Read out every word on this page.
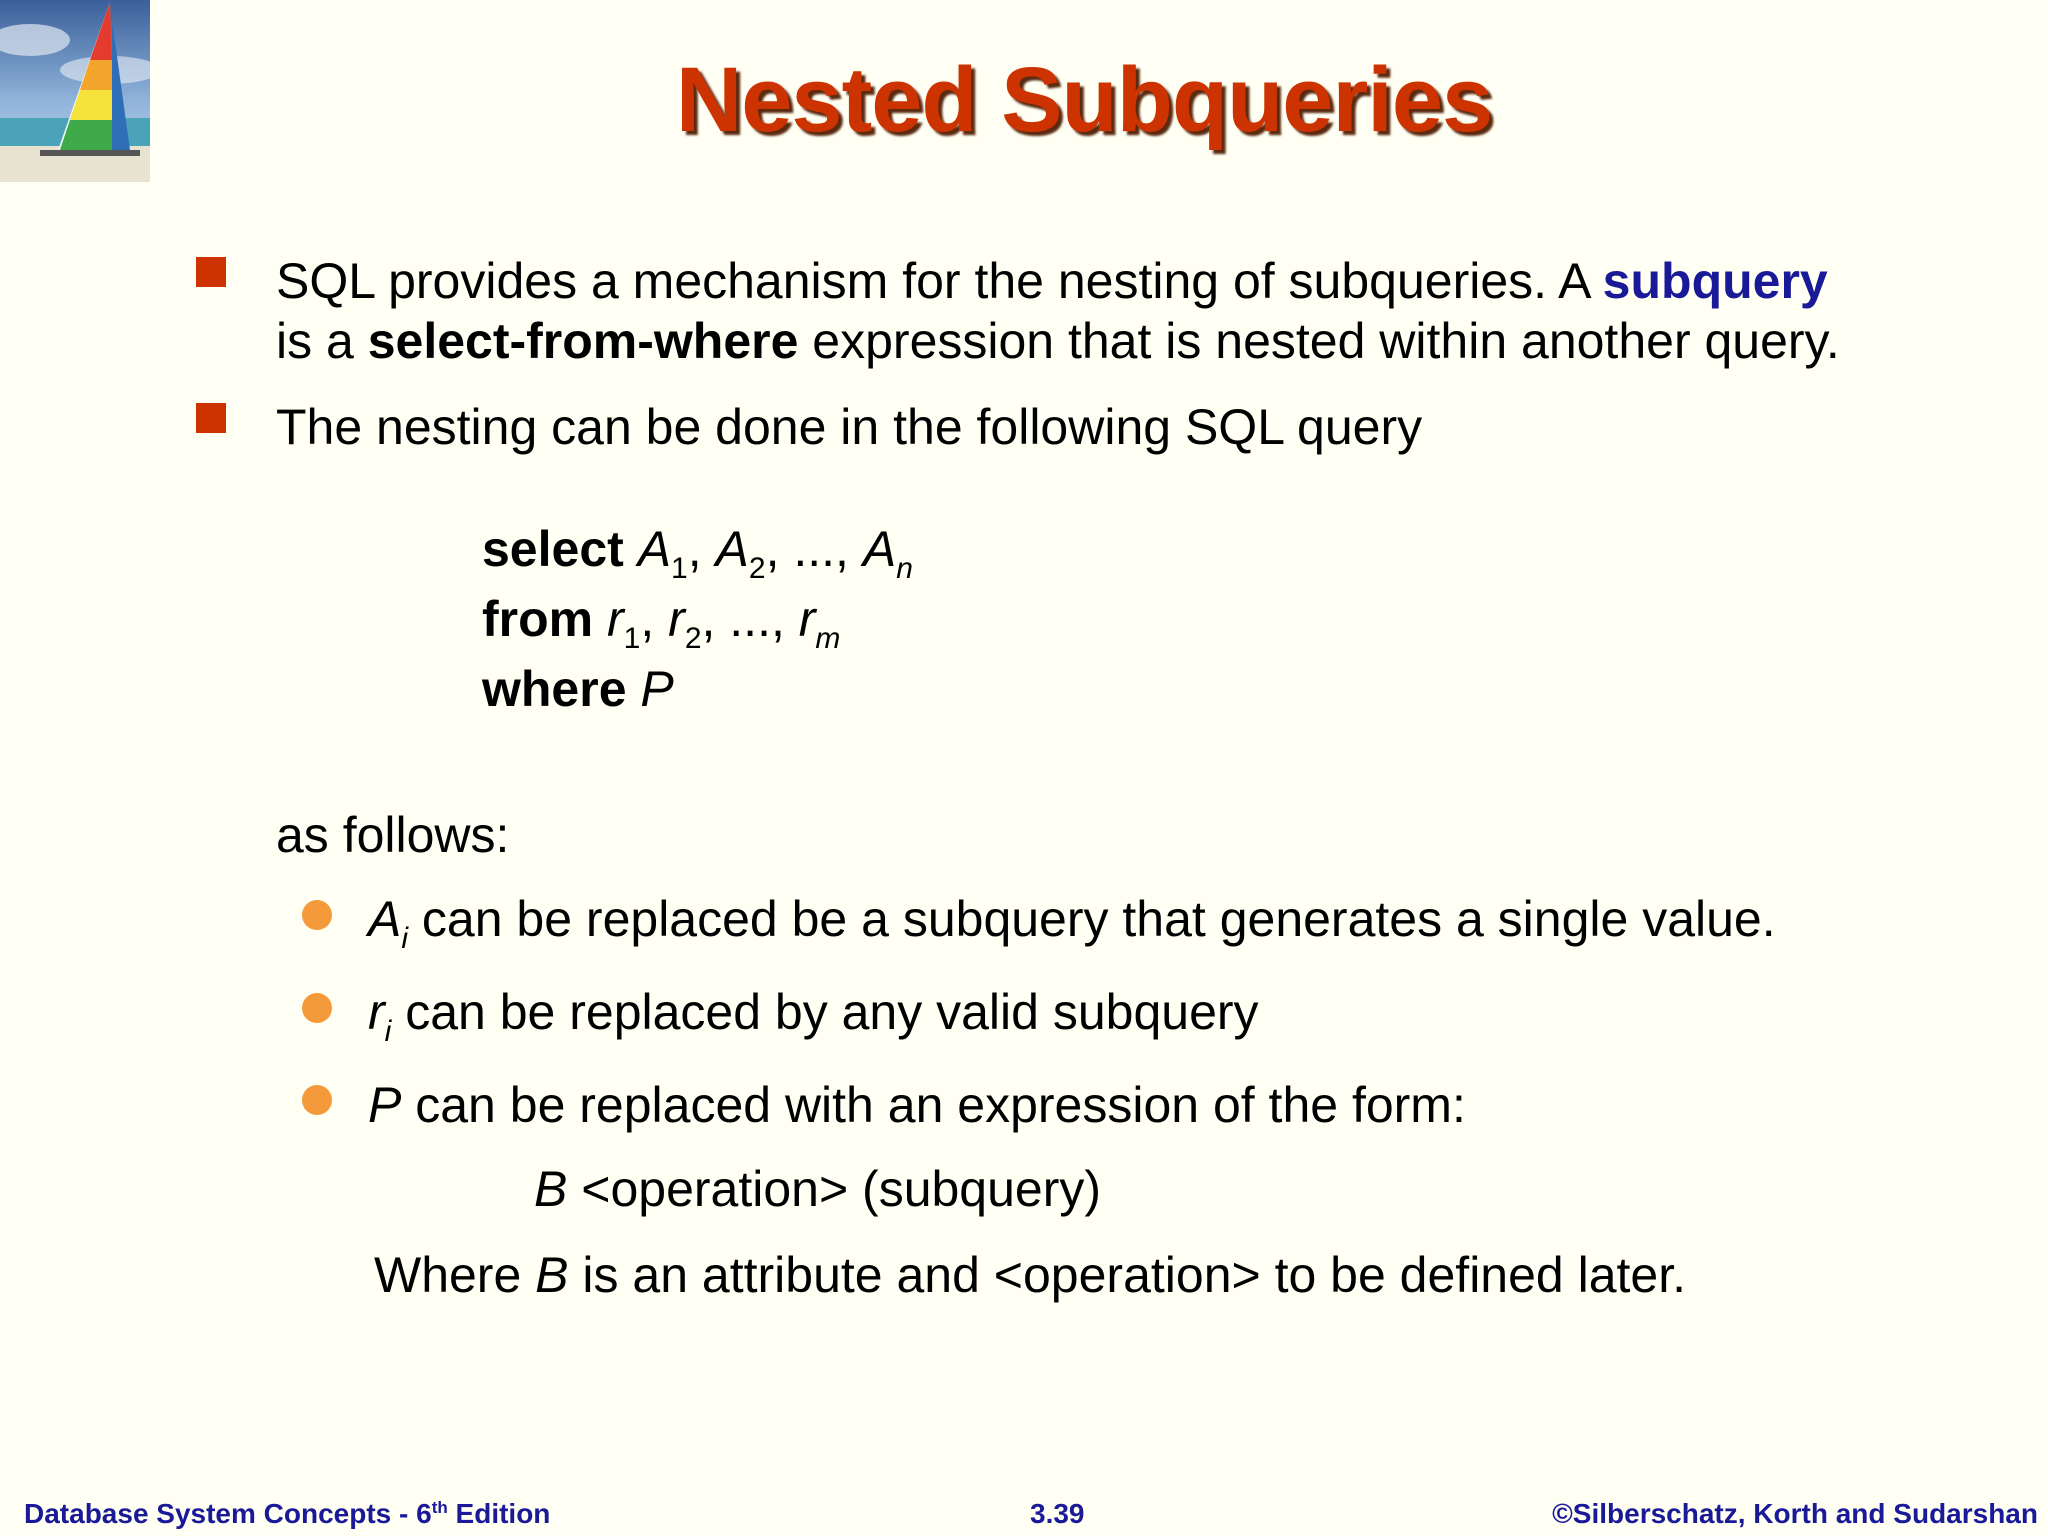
Nested Subqueries
SQL provides a mechanism for the nesting of subqueries. A subquery
is a select-from-where expression that is nested within another query.
The nesting can be done in the following SQL query
select $A_1$, $A_2$, ..., $A_n$
from $r_1$, $r_2$, ..., $r_m$
where P
as follows:
$A_i$ can be replaced be a subquery that generates a single value.
$r_i$ can be replaced by any valid subquery
P can be replaced with an expression of the form:
B <operation> (subquery)
Where B is an attribute and <operation> to be defined later.
Database System Concepts - 6th Edition	3.39	©Silberschatz, Korth and Sudarshan
